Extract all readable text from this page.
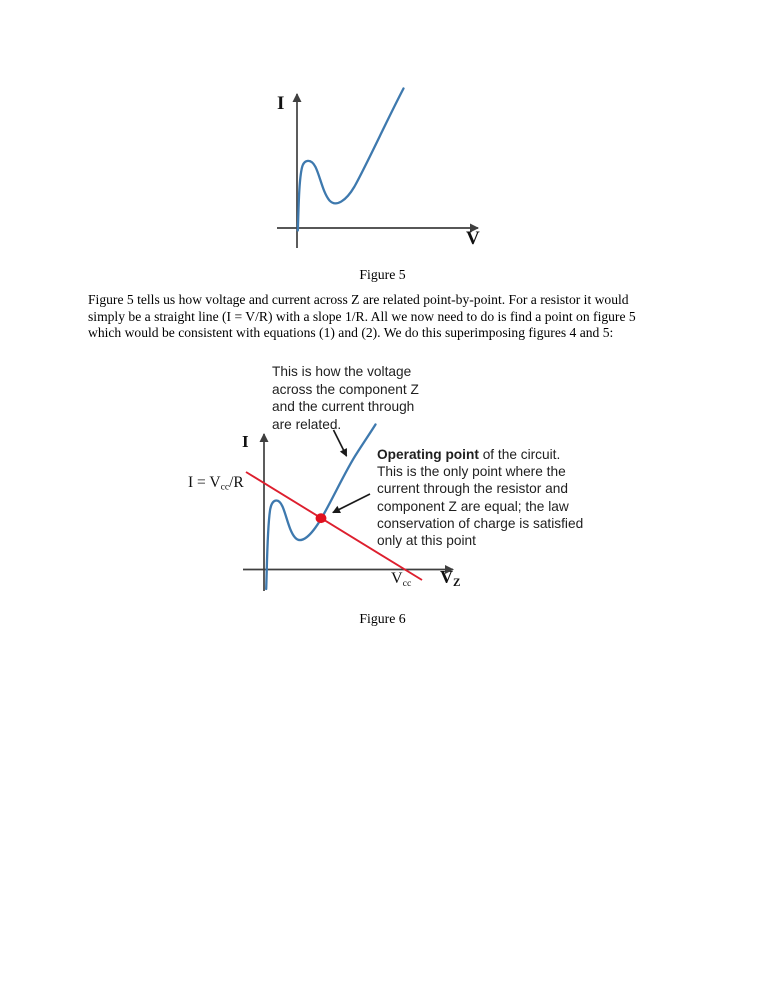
I
V
Figure 5
Figure 5 tells us how voltage and current across Z are related point-by-point. For a resistor it would
simply be a straight line (I = V/R) with a slope 1/R. All we now need to do is find a point on figure 5
which would be consistent with equations (1) and (2). We do this superimposing figures 4 and 5:
This is how the voltage
across the component Z
and the current through
are related.
I
$I = V_{cc}/R$
$V_{cc}$ $V_Z$
Operating point of the circuit.
This is the only point where the
current through the resistor and
component Z are equal; the law
conservation of charge is satisfied
only at this point
Figure 6
